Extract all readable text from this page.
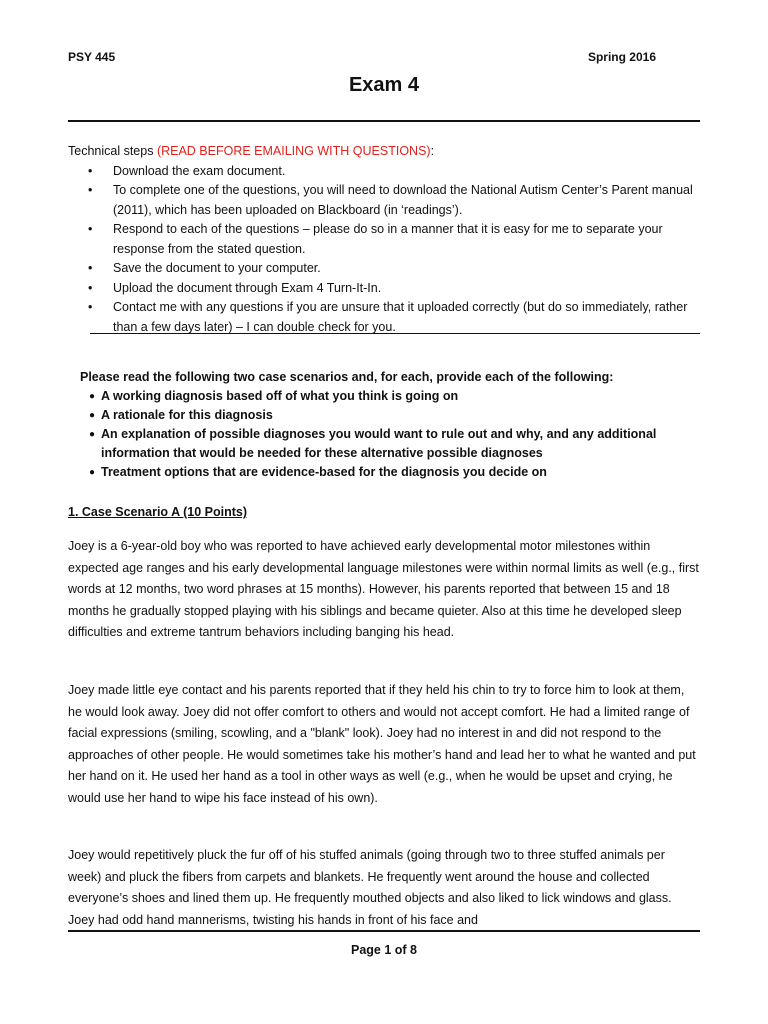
PSY 445	Spring 2016
Exam 4
Technical steps (READ BEFORE EMAILING WITH QUESTIONS):
• Download the exam document.
• To complete one of the questions, you will need to download the National Autism Center’s Parent manual (2011), which has been uploaded on Blackboard (in ‘readings’).
• Respond to each of the questions – please do so in a manner that it is easy for me to separate your response from the stated question.
• Save the document to your computer.
• Upload the document through Exam 4 Turn-It-In.
• Contact me with any questions if you are unsure that it uploaded correctly (but do so immediately, rather than a few days later) – I can double check for you.
Please read the following two case scenarios and, for each, provide each of the following:
● A working diagnosis based off of what you think is going on
● A rationale for this diagnosis
● An explanation of possible diagnoses you would want to rule out and why, and any additional information that would be needed for these alternative possible diagnoses
● Treatment options that are evidence-based for the diagnosis you decide on
1. Case Scenario A (10 Points)

Joey is a 6-year-old boy who was reported to have achieved early developmental motor milestones within expected age ranges and his early developmental language milestones were within normal limits as well (e.g., first words at 12 months, two word phrases at 15 months). However, his parents reported that between 15 and 18 months he gradually stopped playing with his siblings and became quieter. Also at this time he developed sleep difficulties and extreme tantrum behaviors including banging his head.

Joey made little eye contact and his parents reported that if they held his chin to try to force him to look at them, he would look away. Joey did not offer comfort to others and would not accept comfort. He had a limited range of facial expressions (smiling, scowling, and a "blank" look). Joey had no interest in and did not respond to the approaches of other people. He would sometimes take his mother’s hand and lead her to what he wanted and put her hand on it. He used her hand as a tool in other ways as well (e.g., when he would be upset and crying, he would use her hand to wipe his face instead of his own).

Joey would repetitively pluck the fur off of his stuffed animals (going through two to three stuffed animals per week) and pluck the fibers from carpets and blankets. He frequently went around the house and collected everyone’s shoes and lined them up. He frequently mouthed objects and also liked to lick windows and glass. Joey had odd hand mannerisms, twisting his hands in front of his face and

Page 1 of 8
